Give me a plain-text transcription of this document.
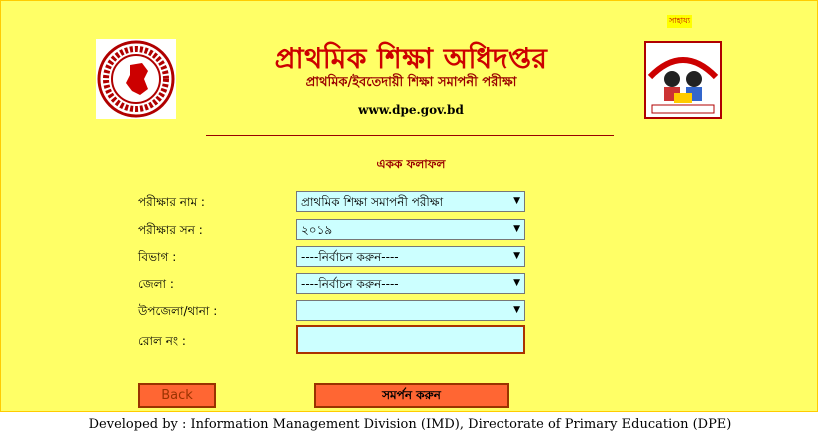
সাহায্য
প্রাথমিক শিক্ষা অধিদপ্তর
প্রাথমিক/ইবতেদায়ী শিক্ষা সমাপনী পরীক্ষা
www.dpe.gov.bd
একক ফলাফল
পরীক্ষার নাম :	প্রাথমিক শিক্ষা সমাপনী পরীক্ষা	▼
পরীক্ষার সন :	২০১৯	▼
বিভাগ :	----নির্বাচন করুন----	▼
জেলা :	----নির্বাচন করুন----	▼
উপজেলা/থানা :	▼
রোল নং :
Back	সমর্পন করুন
Developed by : Information Management Division (IMD), Directorate of Primary Education (DPE)
